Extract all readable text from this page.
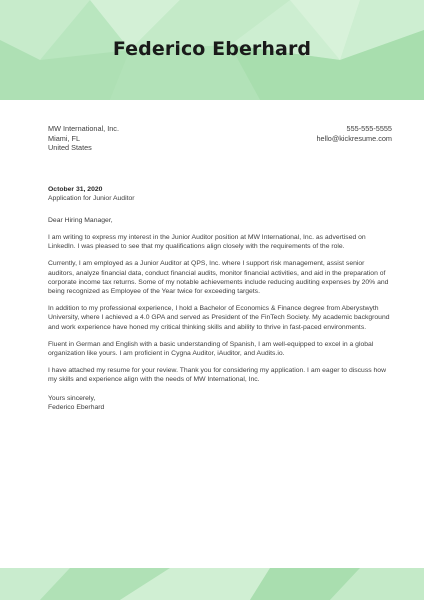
Federico Eberhard
MW International, Inc.
Miami, FL
United States
555-555-5555
hello@kickresume.com
October 31, 2020
Application for Junior Auditor
Dear Hiring Manager,

I am writing to express my interest in the Junior Auditor position at MW International, Inc. as advertised on LinkedIn. I was pleased to see that my qualifications align closely with the requirements of the role.

Currently, I am employed as a Junior Auditor at QPS, Inc. where I support risk management, assist senior auditors, analyze financial data, conduct financial audits, monitor financial activities, and aid in the preparation of corporate income tax returns. Some of my notable achievements include reducing auditing expenses by 20% and being recognized as Employee of the Year twice for exceeding targets.

In addition to my professional experience, I hold a Bachelor of Economics & Finance degree from Aberystwyth University, where I achieved a 4.0 GPA and served as President of the FinTech Society. My academic background and work experience have honed my critical thinking skills and ability to thrive in fast-paced environments.

Fluent in German and English with a basic understanding of Spanish, I am well-equipped to excel in a global organization like yours. I am proficient in Cygna Auditor, iAuditor, and Audits.io.

I have attached my resume for your review. Thank you for considering my application. I am eager to discuss how my skills and experience align with the needs of MW International, Inc.

Yours sincerely,
Federico Eberhard
